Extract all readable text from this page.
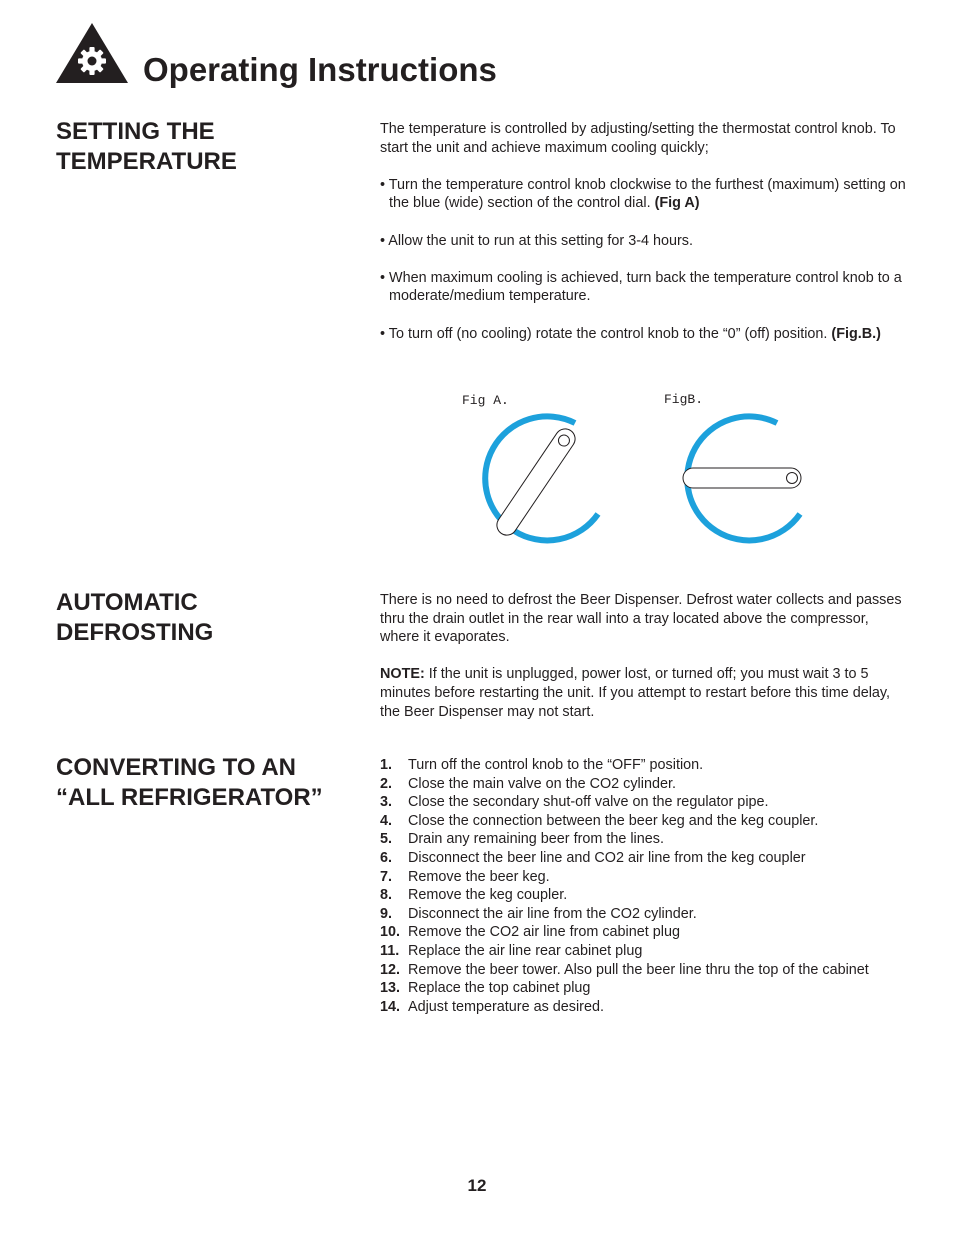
Operating Instructions
SETTING THE
TEMPERATURE

The temperature is controlled by adjusting/setting the thermostat control knob. To start the unit and achieve maximum cooling quickly;

• Turn the temperature control knob clockwise to the furthest (maximum) setting on the blue (wide) section of the control dial. (Fig A)

• Allow the unit to run at this setting for 3-4 hours.

• When maximum cooling is achieved, turn back the temperature control knob to a moderate/medium temperature.

• To turn off (no cooling) rotate the control knob to the “0” (off) position. (Fig.B.)

Fig A.	FigB.
AUTOMATIC
DEFROSTING

There is no need to defrost the Beer Dispenser. Defrost water collects and passes thru the drain outlet in the rear wall into a tray located above the compressor, where it evaporates.

NOTE: If the unit is unplugged, power lost, or turned off; you must wait 3 to 5 minutes before restarting the unit. If you attempt to restart before this time delay, the Beer Dispenser may not start.

CONVERTING TO AN
“ALL REFRIGERATOR”
1.	Turn off the control knob to the “OFF” position.
2.	Close the main valve on the CO2 cylinder.
3.	Close the secondary shut-off valve on the regulator pipe.
4.	Close the connection between the beer keg and the keg coupler.
5.	Drain any remaining beer from the lines.
6.	Disconnect the beer line and CO2 air line from the keg coupler
7.	Remove the beer keg.
8.	Remove the keg coupler.
9.	Disconnect the air line from the CO2 cylinder.
10. Remove the CO2 air line from cabinet plug
11. Replace the air line rear cabinet plug
12. Remove the beer tower. Also pull the beer line thru the top of the cabinet
13. Replace the top cabinet plug
14. Adjust temperature as desired.
12
